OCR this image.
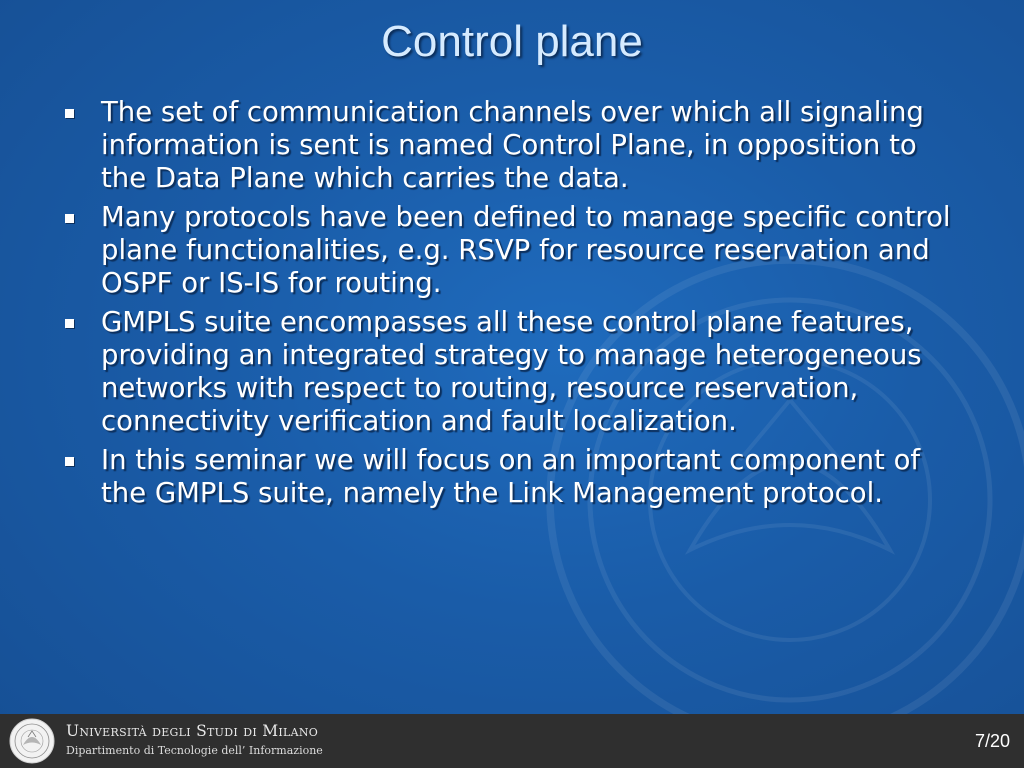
Control plane
The set of communication channels over which all signaling information is sent is named Control Plane, in opposition to the Data Plane which carries the data.
Many protocols have been defined to manage specific control plane functionalities, e.g. RSVP for resource reservation and OSPF or IS-IS for routing.
GMPLS suite encompasses all these control plane features, providing an integrated strategy to manage heterogeneous networks with respect to routing, resource reservation, connectivity verification and fault localization.
In this seminar we will focus on an important component of the GMPLS suite, namely the Link Management protocol.
Università degli Studi di Milano
Dipartimento di Tecnologie dell’ Informazione	7/20
